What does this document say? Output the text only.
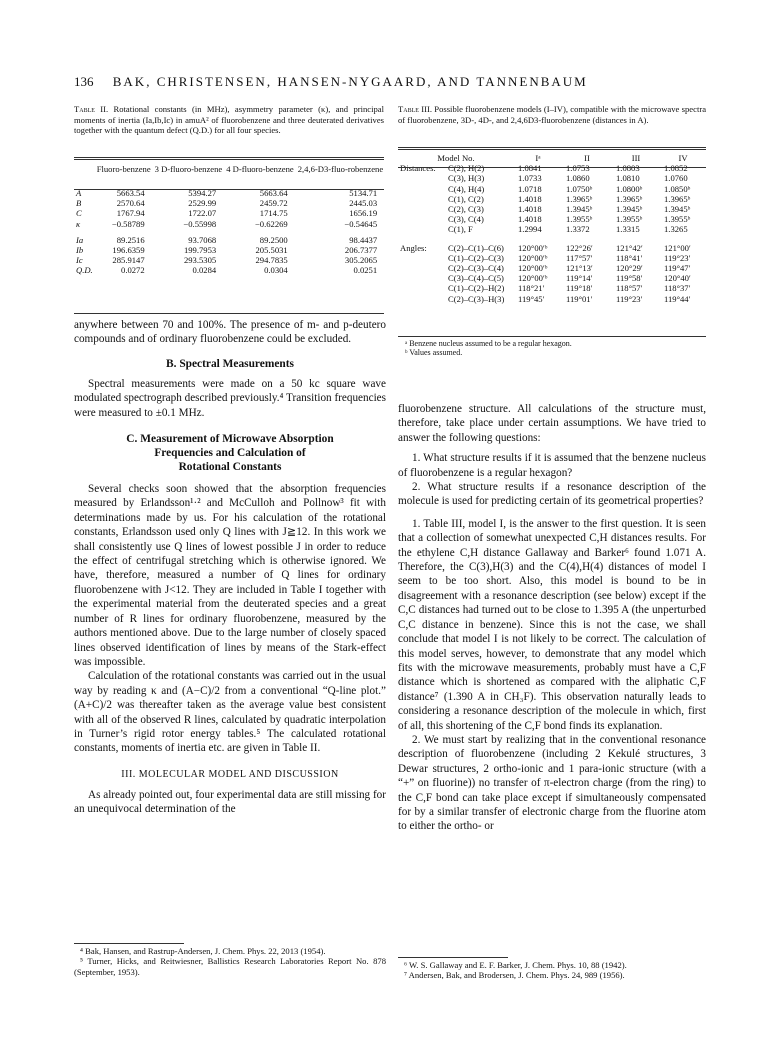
136 BAK, CHRISTENSEN, HANSEN-NYGAARD, AND TANNENBAUM
Table II. Rotational constants (in MHz), asymmetry parameter (κ), and principal moments of inertia (Ia,Ib,Ic) in amuA² of fluorobenzene and three deuterated derivatives together with the quantum defect (Q.D.) for all four species.
	Fluoro-benzene	3 D-fluoro-benzene	4 D-fluoro-benzene	2,4,6-D3-fluo-robenzene
A	5663.54	5394.27	5663.64	5134.71
B	2570.64	2529.99	2459.72	2445.03
C	1767.94	1722.07	1714.75	1656.19
κ	−0.58789	−0.55998	−0.62269	−0.54645
Ia	89.2516	93.7068	89.2500	98.4437
Ib	196.6359	199.7953	205.5031	206.7377
Ic	285.9147	293.5305	294.7835	305.2065
Q.D.	0.0272	0.0284	0.0304	0.0251
Table III. Possible fluorobenzene models (I–IV), compatible with the microwave spectra of fluorobenzene, 3D-, 4D-, and 2,4,6D3-fluorobenzene (distances in A).
Model No.		Iᵃ	II	III	IV
Distances:	C(2), H(2)	1.0841	1.0753	1.0803	1.0852
	C(3), H(3)	1.0733	1.0860	1.0810	1.0760
	C(4), H(4)	1.0718	1.0750ᵇ	1.0800ᵇ	1.0850ᵇ
	C(1), C(2)	1.4018	1.3965ᵇ	1.3965ᵇ	1.3965ᵇ
	C(2), C(3)	1.4018	1.3945ᵇ	1.3945ᵇ	1.3945ᵇ
	C(3), C(4)	1.4018	1.3955ᵇ	1.3955ᵇ	1.3955ᵇ
	C(1), F	1.2994	1.3372	1.3315	1.3265

Angles:	C(2)–C(1)–C(6)	120°00′ᵇ	122°26′	121°42′	121°00′
	C(1)–C(2)–C(3)	120°00′ᵇ	117°57′	118°41′	119°23′
	C(2)–C(3)–C(4)	120°00′ᵇ	121°13′	120°29′	119°47′
	C(3)–C(4)–C(5)	120°00′ᵇ	119°14′	119°58′	120°40′
	C(1)–C(2)–H(2)	118°21′	119°18′	118°57′	118°37′
	C(2)–C(3)–H(3)	119°45′	119°01′	119°23′	119°44′
ᵃ Benzene nucleus assumed to be a regular hexagon.
ᵇ Values assumed.

anywhere between 70 and 100%. The presence of m- and p-deutero compounds and of ordinary fluorobenzene could be excluded.

B. Spectral Measurements

Spectral measurements were made on a 50 kc square wave modulated spectrograph described previously.⁴ Transition frequencies were measured to ±0.1 MHz.

C. Measurement of Microwave Absorption
Frequencies and Calculation of
Rotational Constants

Several checks soon showed that the absorption frequencies measured by Erlandsson¹·² and McCulloh and Pollnow³ fit with determinations made by us. For his calculation of the rotational constants, Erlandsson used only Q lines with J≧12. In this work we shall consistently use Q lines of lowest possible J in order to reduce the effect of centrifugal stretching which is otherwise ignored. We have, therefore, measured a number of Q lines for ordinary fluorobenzene with J<12. They are included in Table I together with the experimental material from the deuterated species and a great number of R lines for ordinary fluorobenzene, measured by the authors mentioned above. Due to the large number of closely spaced lines observed identification of lines by means of the Stark-effect was impossible.

Calculation of the rotational constants was carried out in the usual way by reading κ and (A−C)/2 from a conventional “Q-line plot.” (A+C)/2 was thereafter taken as the average value best consistent with all of the observed R lines, calculated by quadratic interpolation in Turner’s rigid rotor energy tables.⁵ The calculated rotational constants, moments of inertia etc. are given in Table II.

III. MOLECULAR MODEL AND DISCUSSION

As already pointed out, four experimental data are still missing for an unequivocal determination of the

⁴ Bak, Hansen, and Rastrup-Andersen, J. Chem. Phys. 22, 2013 (1954).

⁵ Turner, Hicks, and Reitwiesner, Ballistics Research Laboratories Report No. 878 (September, 1953).

fluorobenzene structure. All calculations of the structure must, therefore, take place under certain assumptions. We have tried to answer the following questions:

1. What structure results if it is assumed that the benzene nucleus of fluorobenzene is a regular hexagon?

2. What structure results if a resonance description of the molecule is used for predicting certain of its geometrical properties?

1. Table III, model I, is the answer to the first question. It is seen that a collection of somewhat unexpected C,H distances results. For the ethylene C,H distance Gallaway and Barker⁶ found 1.071 A. Therefore, the C(3),H(3) and the C(4),H(4) distances of model I seem to be too short. Also, this model is bound to be in disagreement with a resonance description (see below) except if the C,C distances had turned out to be close to 1.395 A (the unperturbed C,C distance in benzene). Since this is not the case, we shall conclude that model I is not likely to be correct. The calculation of this model serves, however, to demonstrate that any model which fits with the microwave measurements, probably must have a C,F distance which is shortened as compared with the aliphatic C,F distance⁷ (1.390 A in CH₃F). This observation naturally leads to considering a resonance description of the molecule in which, first of all, this shortening of the C,F bond finds its explanation.

2. We must start by realizing that in the conventional resonance description of fluorobenzene (including 2 Kekulé structures, 3 Dewar structures, 2 ortho-ionic and 1 para-ionic structure (with a “+” on fluorine)) no transfer of π-electron charge (from the ring) to the C,F bond can take place except if simultaneously compensated for by a similar transfer of electronic charge from the fluorine atom to either the ortho- or

⁶ W. S. Gallaway and E. F. Barker, J. Chem. Phys. 10, 88 (1942).

⁷ Andersen, Bak, and Brodersen, J. Chem. Phys. 24, 989 (1956).
